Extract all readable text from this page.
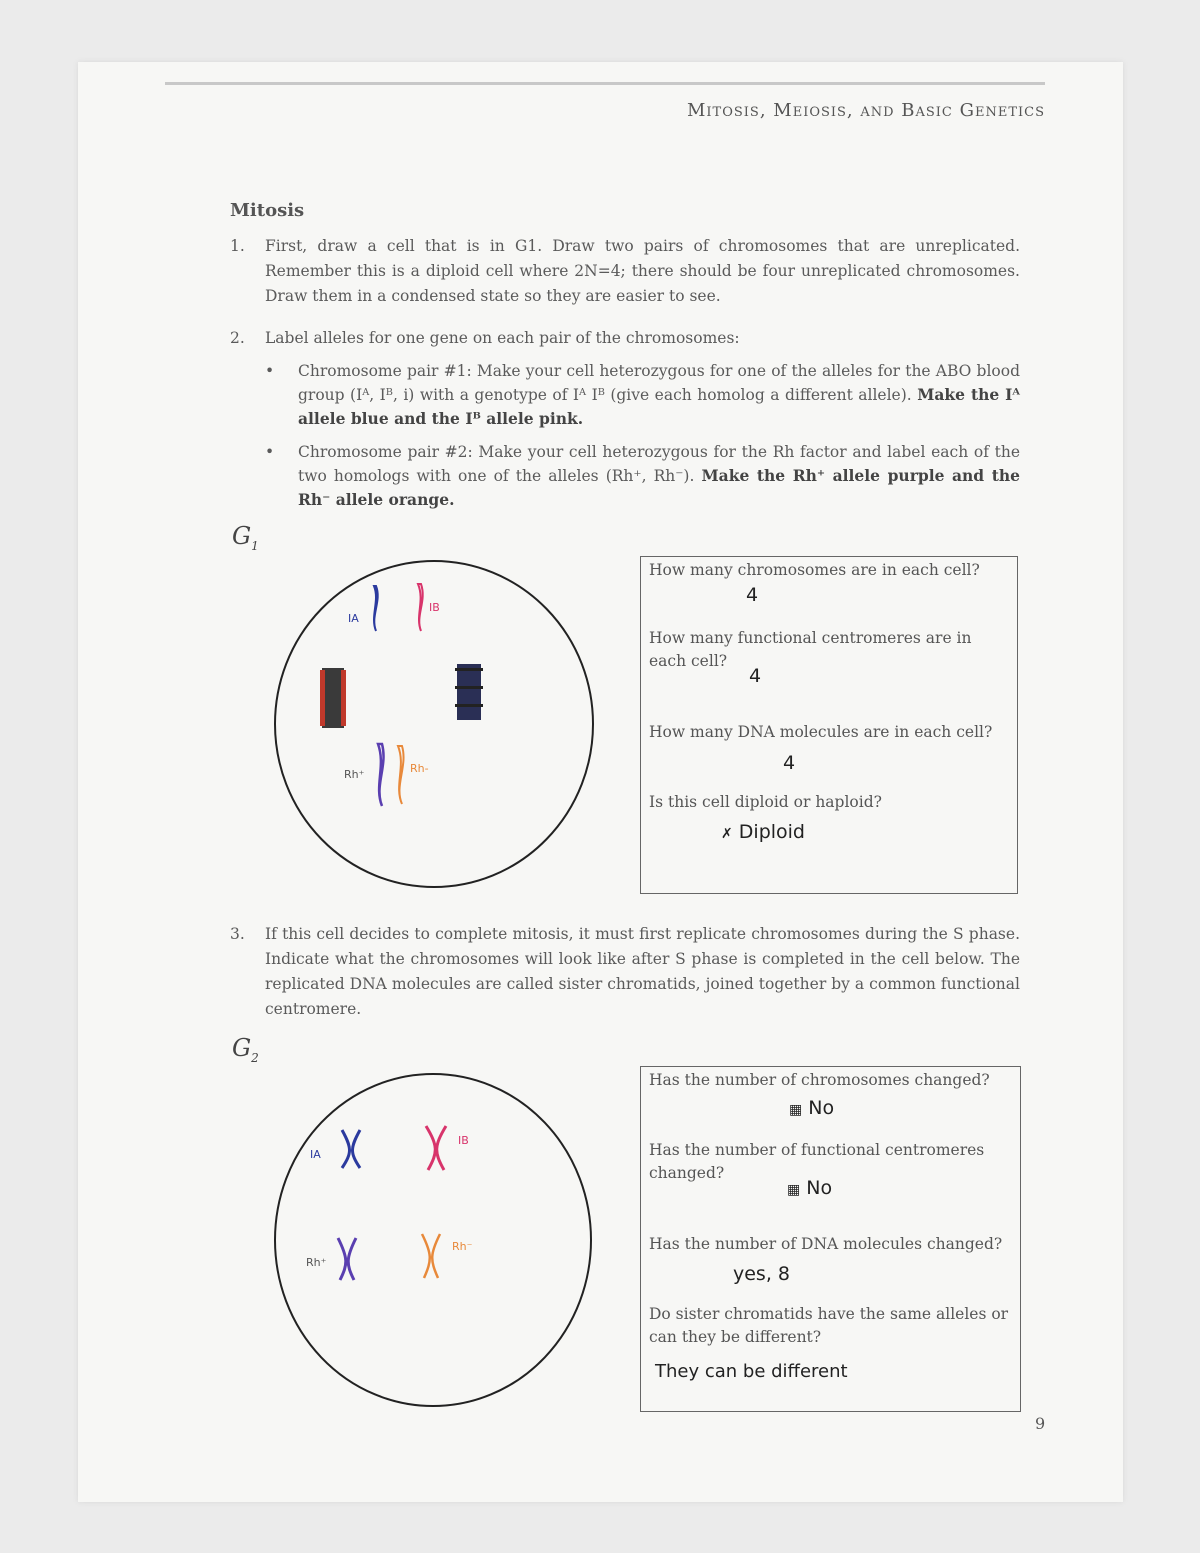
Mitosis, Meiosis, and Basic Genetics
Mitosis
1. First, draw a cell that is in G1. Draw two pairs of chromosomes that are unreplicated. Remember this is a diploid cell where 2N=4; there should be four unreplicated chromosomes. Draw them in a condensed state so they are easier to see.
2. Label alleles for one gene on each pair of the chromosomes:
• Chromosome pair #1: Make your cell heterozygous for one of the alleles for the ABO blood group (Iᴬ, Iᴮ, i) with a genotype of Iᴬ Iᴮ (give each homolog a different allele). Make the Iᴬ allele blue and the Iᴮ allele pink.
• Chromosome pair #2: Make your cell heterozygous for the Rh factor and label each of the two homologs with one of the alleles (Rh⁺, Rh⁻). Make the Rh⁺ allele purple and the Rh⁻ allele orange.
$G_1$
IA
IB
Rh⁺	Rh-
How many chromosomes are in each cell?
4
How many functional centromeres are in each cell?
4
How many DNA molecules are in each cell?
4
Is this cell diploid or haploid?
✗ Diploid
3. If this cell decides to complete mitosis, it must first replicate chromosomes during the S phase. Indicate what the chromosomes will look like after S phase is completed in the cell below. The replicated DNA molecules are called sister chromatids, joined together by a common functional centromere.
$G_2$
IA
IB
Rh⁺
Rh⁻
Has the number of chromosomes changed?
▦ No
Has the number of functional centromeres changed?
▦ No
Has the number of DNA molecules changed?
yes, 8
Do sister chromatids have the same alleles or can they be different?
They can be different
9
